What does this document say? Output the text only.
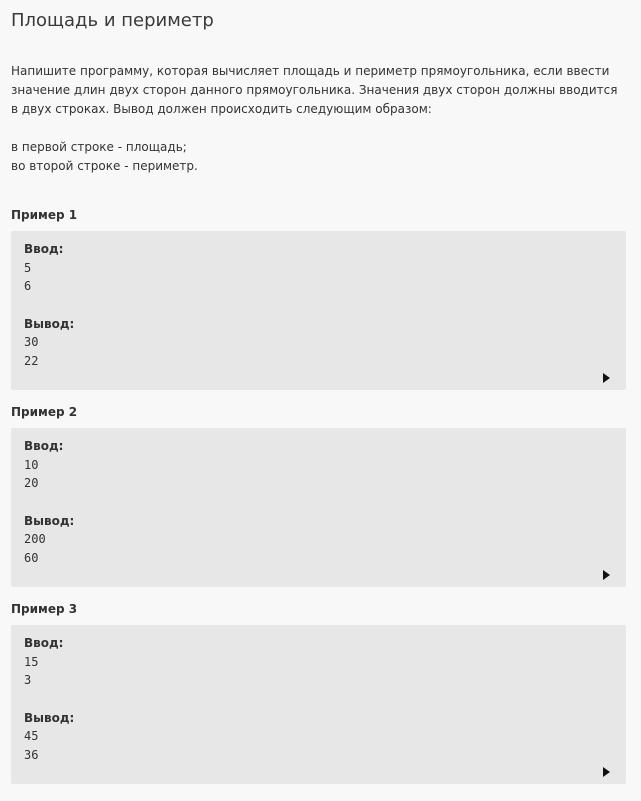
Площадь и периметр

Напишите программу, которая вычисляет площадь и периметр прямоугольника, если ввести значение длин двух сторон данного прямоугольника. Значения двух сторон должны вводится в двух строках. Вывод должен происходить следующим образом:

в первой строке - площадь;

во второй строке - периметр.

Пример 1
Ввод:
5
6
Вывод:
30
22
Пример 2
Ввод:
10
20
Вывод:
200
60
Пример 3
Ввод:
15
3
Вывод:
45
36
